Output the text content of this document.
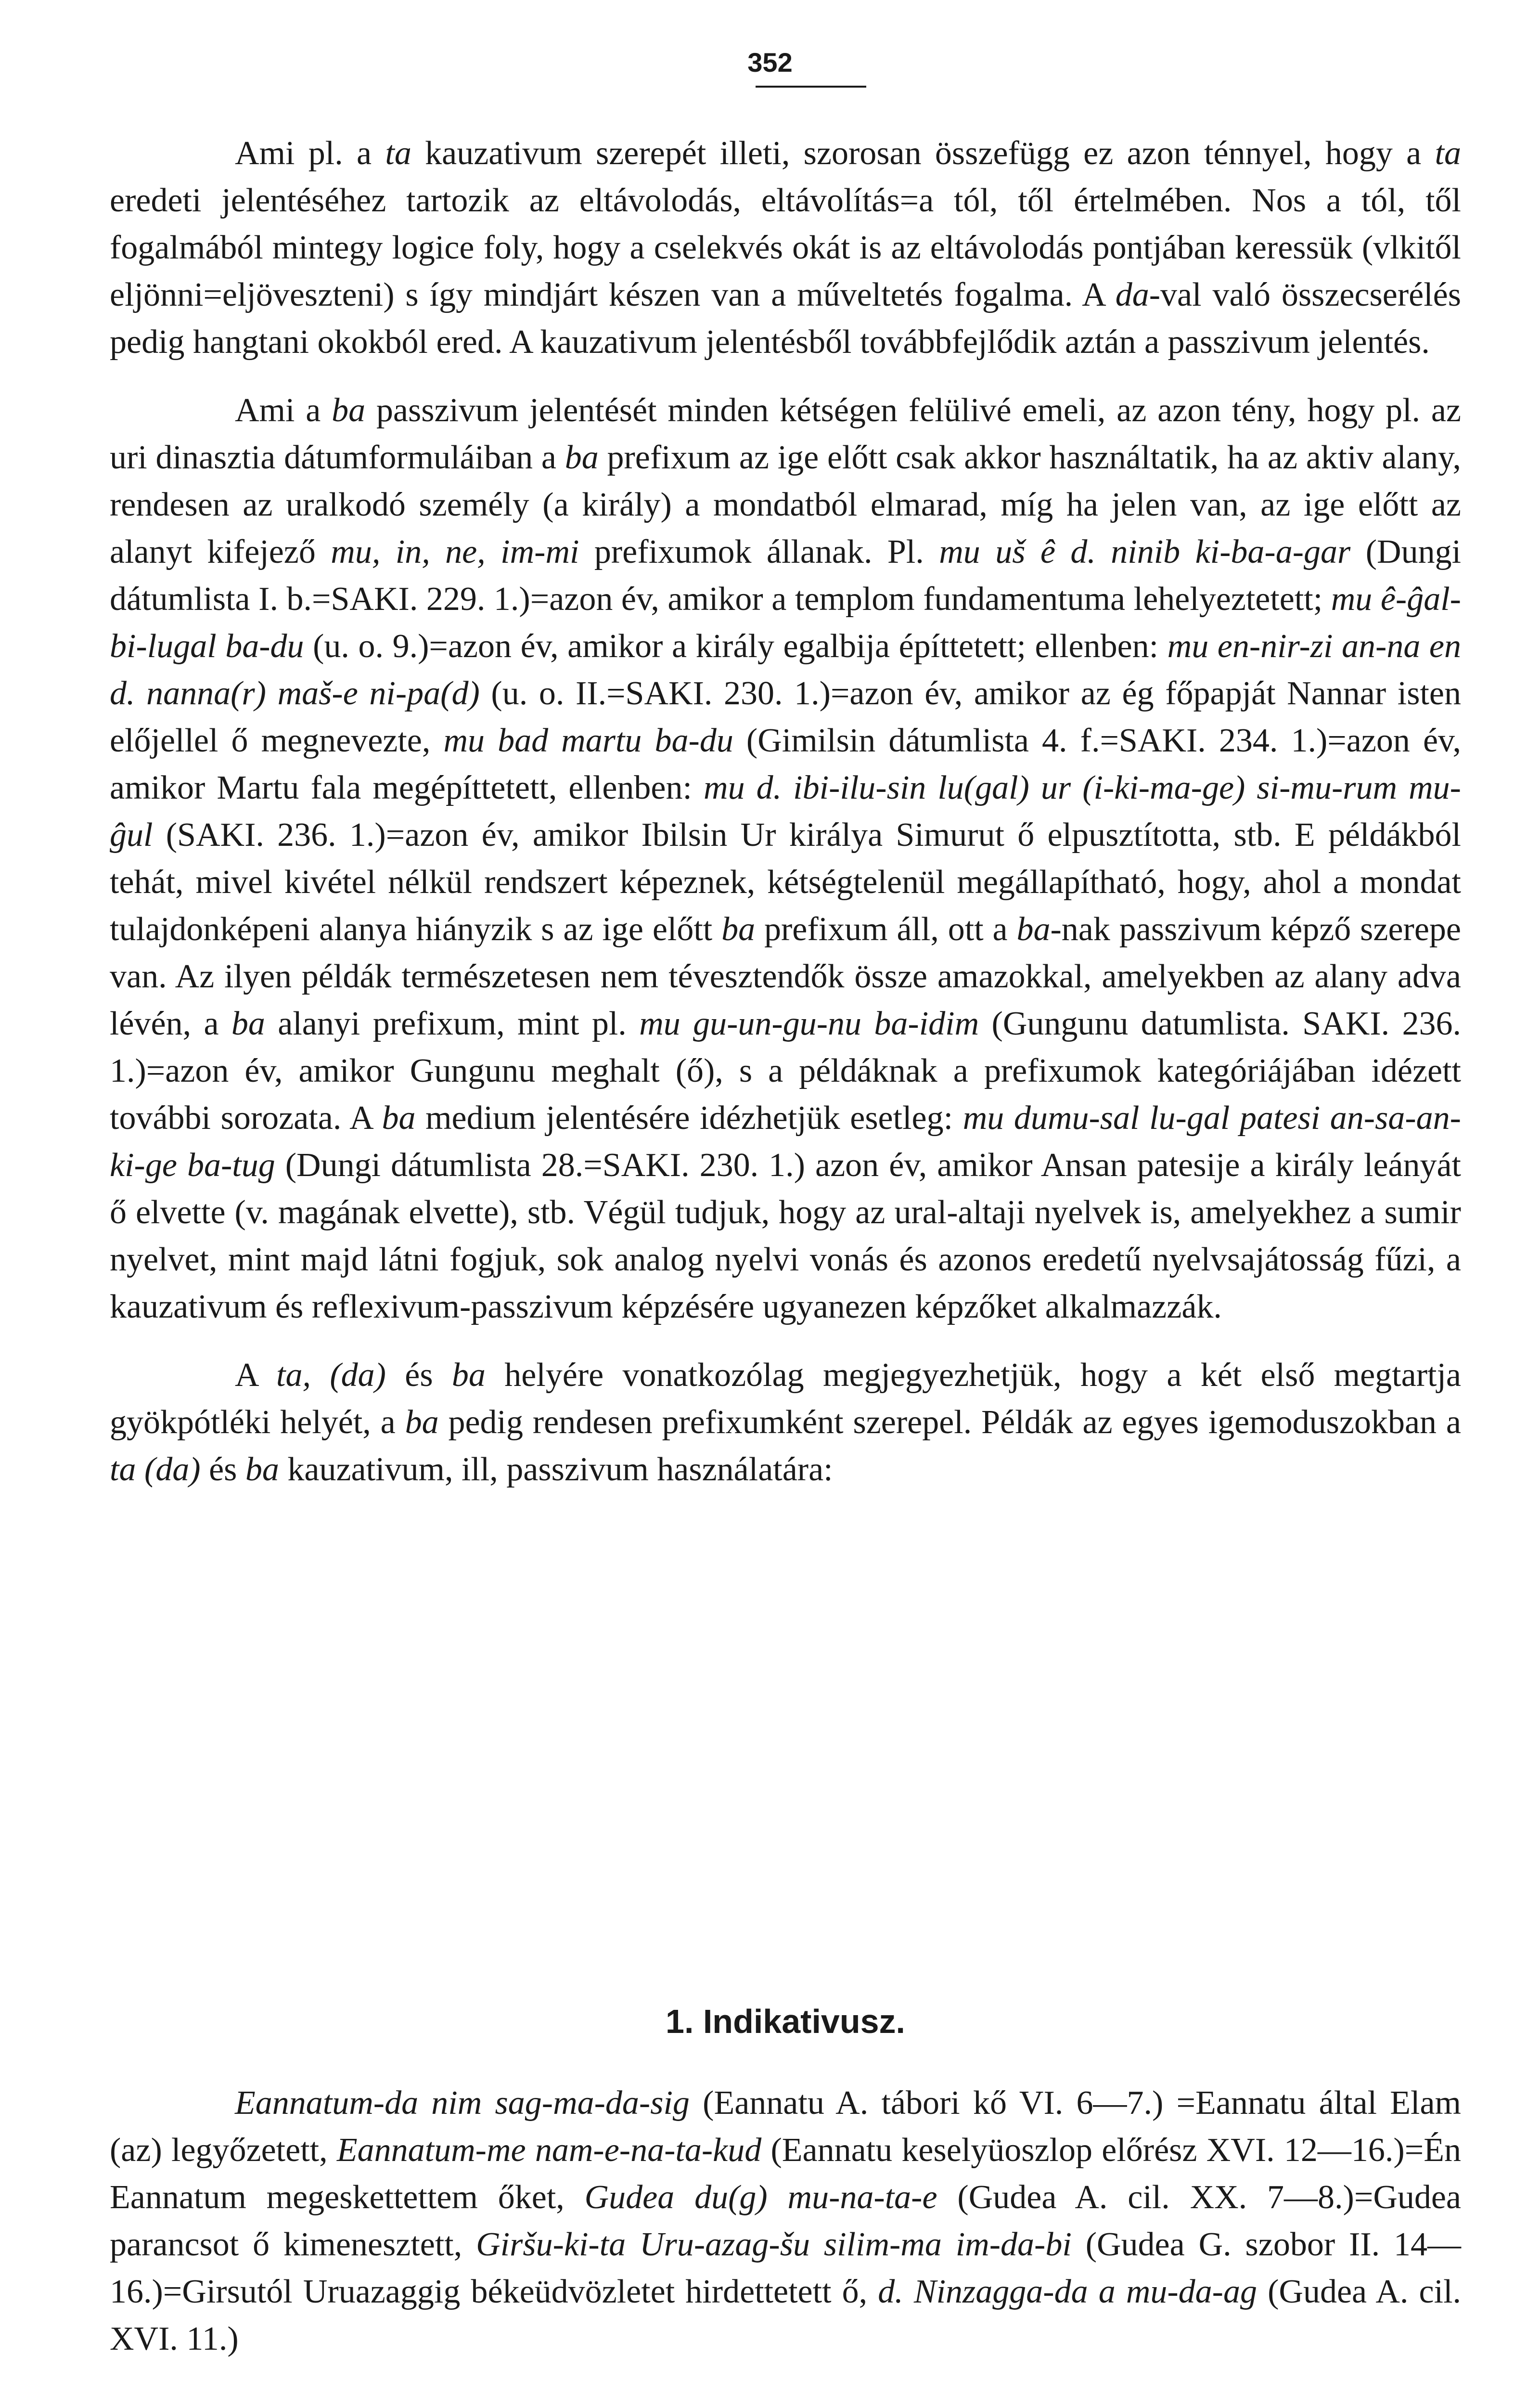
352

Ami pl. a ta kauzativum szerepét illeti, szorosan összefügg ez azon ténnyel, hogy a ta eredeti jelentéséhez tartozik az eltávolodás, eltávolítás=a tól, től értelmében. Nos a tól, től fogalmából mintegy logice foly, hogy a cselekvés okát is az eltávolodás pontjában keressük (vlkitől eljönni=eljöveszteni) s így mindjárt készen van a műveltetés fogalma. A da-val való összecserélés pedig hangtani okokból ered. A kauzativum jelentésből továbbfejlődik aztán a passzivum jelentés.

Ami a ba passzivum jelentését minden kétségen felülivé emeli, az azon tény, hogy pl. az uri dinasztia dátumformuláiban a ba prefixum az ige előtt csak akkor használtatik, ha az aktiv alany, rendesen az uralkodó személy (a király) a mondatból elmarad, míg ha jelen van, az ige előtt az alanyt kifejező mu, in, ne, im-mi prefixumok állanak. Pl. mu uš ê d. ninib ki-ba-a-gar (Dungi dátumlista I. b.=SAKI. 229. 1.)=azon év, amikor a templom fundamentuma lehelyeztetett; mu ê-ĝal-bi-lugal ba-du (u. o. 9.)=azon év, amikor a király egalbija építtetett; ellenben: mu en-nir-zi an-na en d. nanna(r) maš-e ni-pa(d) (u. o. II.=SAKI. 230. 1.)=azon év, amikor az ég főpapját Nannar isten előjellel ő megnevezte, mu bad martu ba-du (Gimilsin dátumlista 4. f.=SAKI. 234. 1.)=azon év, amikor Martu fala megépíttetett, ellenben: mu d. ibi-ilu-sin lu(gal) ur (i-ki-ma-ge) si-mu-rum mu-ĝul (SAKI. 236. 1.)=azon év, amikor Ibilsin Ur királya Simurut ő elpusztította, stb. E példákból tehát, mivel kivétel nélkül rendszert képeznek, kétségtelenül megállapítható, hogy, ahol a mondat tulajdonképeni alanya hiányzik s az ige előtt ba prefixum áll, ott a ba-nak passzivum képző szerepe van. Az ilyen példák természetesen nem tévesztendők össze amazokkal, amelyekben az alany adva lévén, a ba alanyi prefixum, mint pl. mu gu-un-gu-nu ba-idim (Gungunu datumlista. SAKI. 236. 1.)=azon év, amikor Gungunu meghalt (ő), s a példáknak a prefixumok kategóriájában idézett további sorozata. A ba medium jelentésére idézhetjük esetleg: mu dumu-sal lu-gal patesi an-sa-an-ki-ge ba-tug (Dungi dátumlista 28.=SAKI. 230. 1.) azon év, amikor Ansan patesije a király leányát ő elvette (v. magának elvette), stb. Végül tudjuk, hogy az ural-altaji nyelvek is, amelyekhez a sumir nyelvet, mint majd látni fogjuk, sok analog nyelvi vonás és azonos eredetű nyelvsajátosság fűzi, a kauzativum és reflexivum-passzivum képzésére ugyanezen képzőket alkalmazzák.

A ta, (da) és ba helyére vonatkozólag megjegyezhetjük, hogy a két első megtartja gyökpótléki helyét, a ba pedig rendesen prefixumként szerepel. Példák az egyes igemoduszokban a ta (da) és ba kauzativum, ill, passzivum használatára:

1. Indikativusz.

Eannatum-da nim sag-ma-da-sig (Eannatu A. tábori kő VI. 6—7.) =Eannatu által Elam (az) legyőzetett, Eannatum-me nam-e-na-ta-kud (Eannatu keselyüoszlop előrész XVI. 12—16.)=Én Eannatum megeskettettem őket, Gudea du(g) mu-na-ta-e (Gudea A. cil. XX. 7—8.)=Gudea parancsot ő kimenesztett, Giršu-ki-ta Uru-azag-šu silim-ma im-da-bi (Gudea G. szobor II. 14—16.)=Girsutól Uruazaggig békeüdvözletet hirdettetett ő, d. Ninzagga-da a mu-da-ag (Gudea A. cil. XVI. 11.)
